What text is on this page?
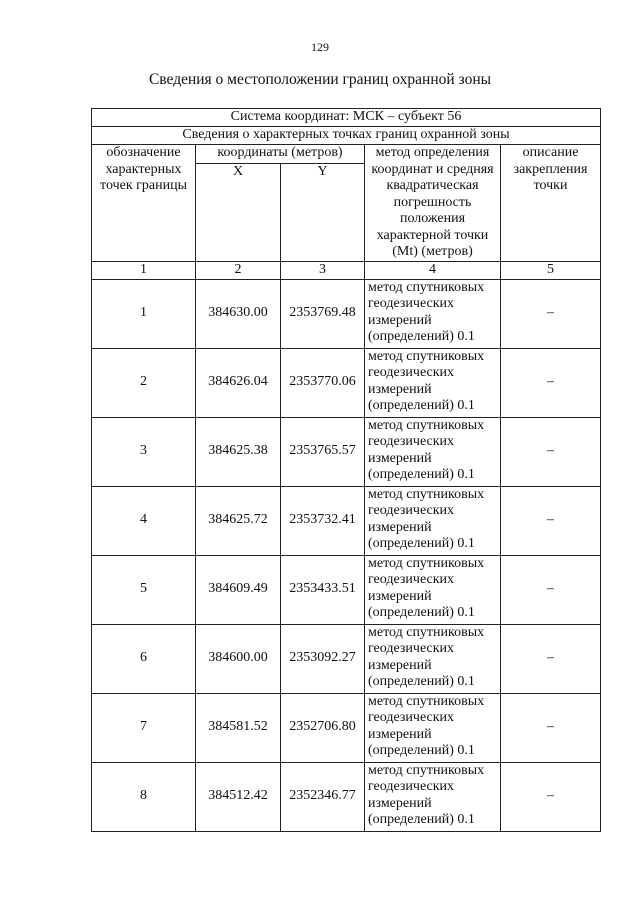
129
Сведения о местоположении границ охранной зоны
Система координат: МСК – субъект 56				
Сведения о характерных точках границ охранной зоны				
обозначение характерных точек границы	координаты (метров)		метод определения координат и средняя квадратическая погрешность положения характерной точки (Mt) (метров)	описание закрепления точки
	X	Y		
1	2	3	4	5
1	384630.00	2353769.48	метод спутниковых геодезических измерений (определений) 0.1	–
2	384626.04	2353770.06	метод спутниковых геодезических измерений (определений) 0.1	–
3	384625.38	2353765.57	метод спутниковых геодезических измерений (определений) 0.1	–
4	384625.72	2353732.41	метод спутниковых геодезических измерений (определений) 0.1	–
5	384609.49	2353433.51	метод спутниковых геодезических измерений (определений) 0.1	–
6	384600.00	2353092.27	метод спутниковых геодезических измерений (определений) 0.1	–
7	384581.52	2352706.80	метод спутниковых геодезических измерений (определений) 0.1	–
8	384512.42	2352346.77	метод спутниковых геодезических измерений (определений) 0.1	–
